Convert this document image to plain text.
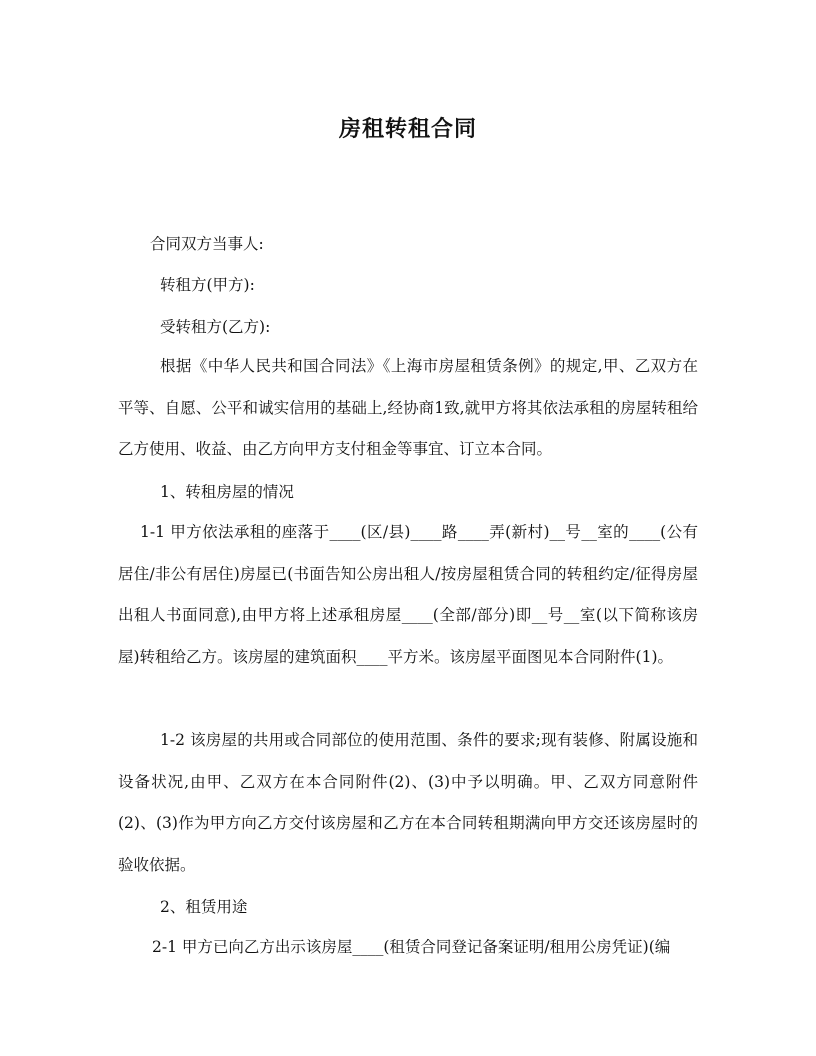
房租转租合同
合同双方当事人:
转租方(甲方):
受转租方(乙方):
根据《中华人民共和国合同法》《上海市房屋租赁条例》的规定,甲、乙双方在平等、自愿、公平和诚实信用的基础上,经协商1致,就甲方将其依法承租的房屋转租给乙方使用、收益、由乙方向甲方支付租金等事宜、订立本合同。
1、转租房屋的情况
1-1 甲方依法承租的座落于____(区/县)____路____弄(新村)__号__室的____(公有居住/非公有居住)房屋已(书面告知公房出租人/按房屋租赁合同的转租约定/征得房屋出租人书面同意),由甲方将上述承租房屋____(全部/部分)即__号__室(以下简称该房屋)转租给乙方。该房屋的建筑面积____平方米。该房屋平面图见本合同附件(1)。
1-2 该房屋的共用或合同部位的使用范围、条件的要求;现有装修、附属设施和设备状况,由甲、乙双方在本合同附件(2)、(3)中予以明确。甲、乙双方同意附件(2)、(3)作为甲方向乙方交付该房屋和乙方在本合同转租期满向甲方交还该房屋时的验收依据。
2、租赁用途
2-1 甲方已向乙方出示该房屋____(租赁合同登记备案证明/租用公房凭证)(编
